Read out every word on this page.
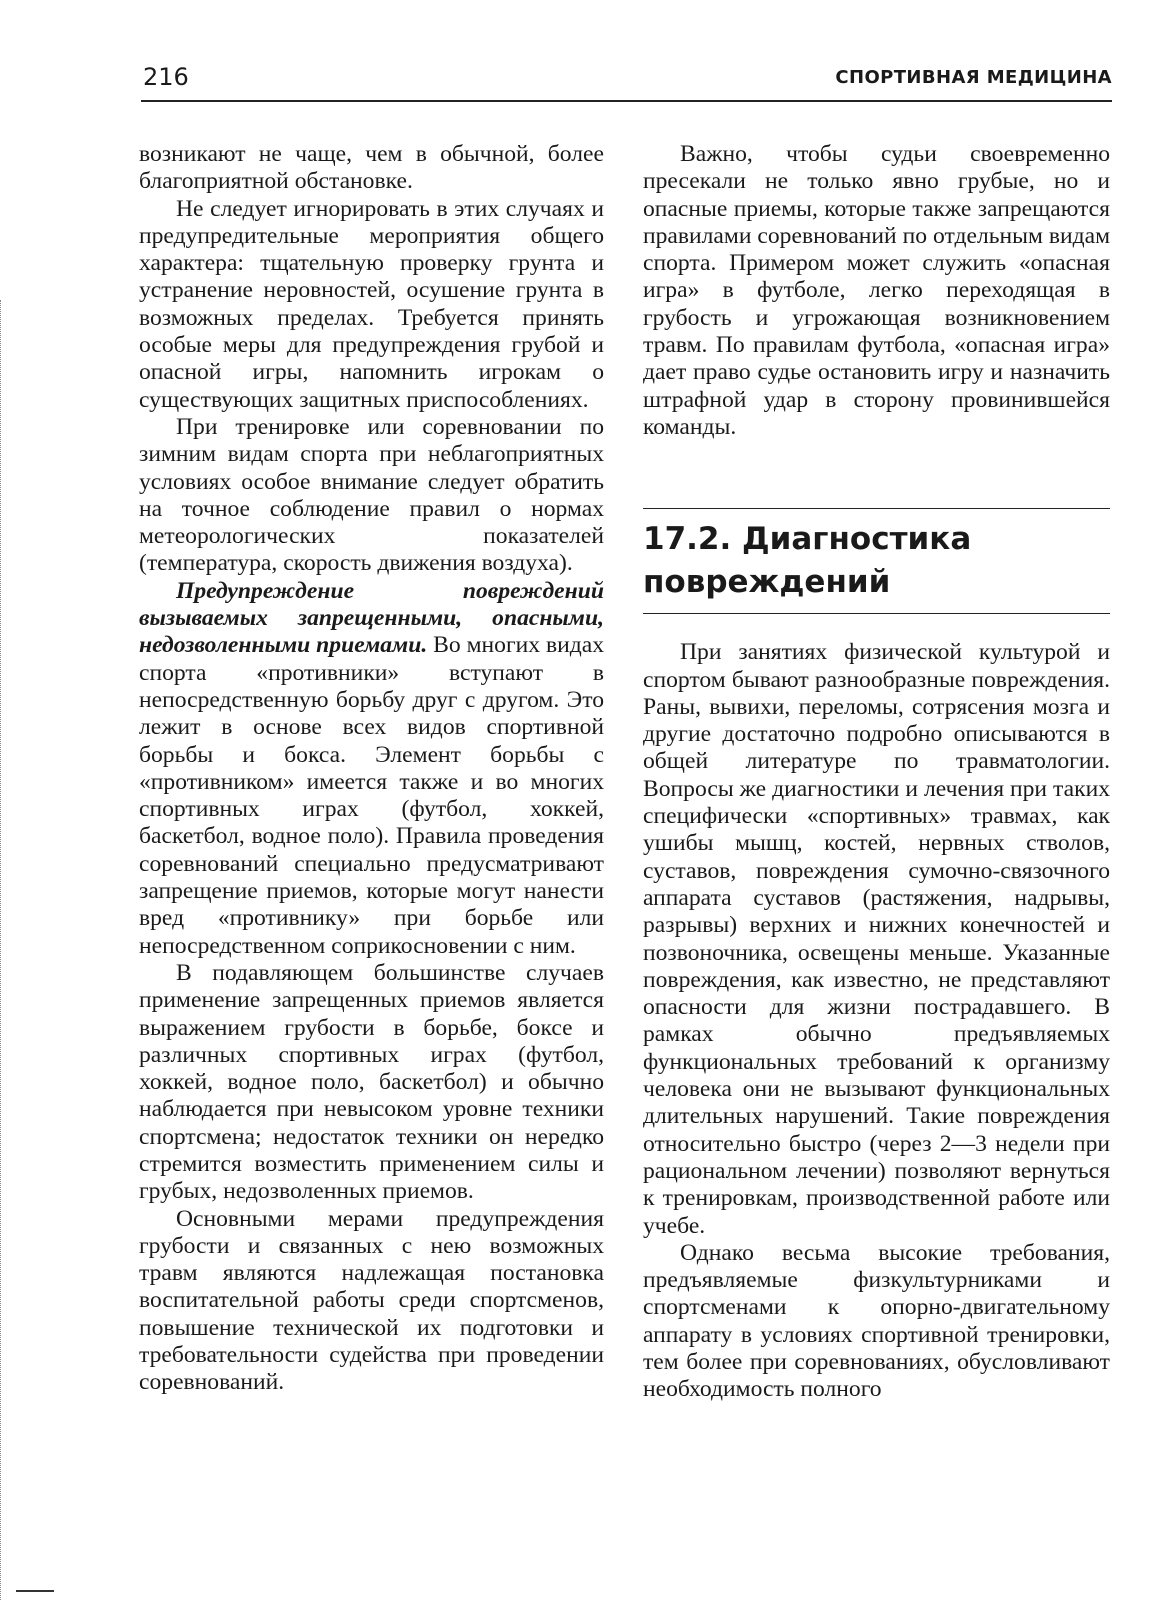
216	СПОРТИВНАЯ МЕДИЦИНА

возникают не чаще, чем в обычной, более благоприятной обстановке.

Не следует игнорировать в этих случаях и предупредительные мероприятия общего характера: тщательную проверку грунта и устранение неровностей, осушение грунта в возможных пределах. Требуется принять особые меры для предупреждения грубой и опасной игры, напомнить игрокам о существующих защитных приспособлениях.

При тренировке или соревновании по зимним видам спорта при неблагоприятных условиях особое внимание следует обратить на точное соблюдение правил о нормах метеорологических показателей (температура, скорость движения воздуха).

Предупреждение повреждений вызываемых запрещенными, опасными, недозволенными приемами. Во многих видах спорта «противники» вступают в непосредственную борьбу друг с другом. Это лежит в основе всех видов спортивной борьбы и бокса. Элемент борьбы с «противником» имеется также и во многих спортивных играх (футбол, хоккей, баскетбол, водное поло). Правила проведения соревнований специально предусматривают запрещение приемов, которые могут нанести вред «противнику» при борьбе или непосредственном соприкосновении с ним.

В подавляющем большинстве случаев применение запрещенных приемов является выражением грубости в борьбе, боксе и различных спортивных играх (футбол, хоккей, водное поло, баскетбол) и обычно наблюдается при невысоком уровне техники спортсмена; недостаток техники он нередко стремится возместить применением силы и грубых, недозволенных приемов.

Основными мерами предупреждения грубости и связанных с нею возможных травм являются надлежащая постановка воспитательной работы среди спортсменов, повышение технической их подготовки и требовательности судейства при проведении соревнований.

Важно, чтобы судьи своевременно пресекали не только явно грубые, но и опасные приемы, которые также запрещаются правилами соревнований по отдельным видам спорта. Примером может служить «опасная игра» в футболе, легко переходящая в грубость и угрожающая возникновением травм. По правилам футбола, «опасная игра» дает право судье остановить игру и назначить штрафной удар в сторону провинившейся команды.

17.2. Диагностика повреждений

При занятиях физической культурой и спортом бывают разнообразные повреждения. Раны, вывихи, переломы, сотрясения мозга и другие достаточно подробно описываются в общей литературе по травматологии. Вопросы же диагностики и лечения при таких специфически «спортивных» травмах, как ушибы мышц, костей, нервных стволов, суставов, повреждения сумочно-связочного аппарата суставов (растяжения, надрывы, разрывы) верхних и нижних конечностей и позвоночника, освещены меньше. Указанные повреждения, как известно, не представляют опасности для жизни пострадавшего. В рамках обычно предъявляемых функциональных требований к организму человека они не вызывают функциональных длительных нарушений. Такие повреждения относительно быстро (через 2—3 недели при рациональном лечении) позволяют вернуться к тренировкам, производственной работе или учебе.

Однако весьма высокие требования, предъявляемые физкультурниками и спортсменами к опорно-двигательному аппарату в условиях спортивной тренировки, тем более при соревнованиях, обусловливают необходимость полного
